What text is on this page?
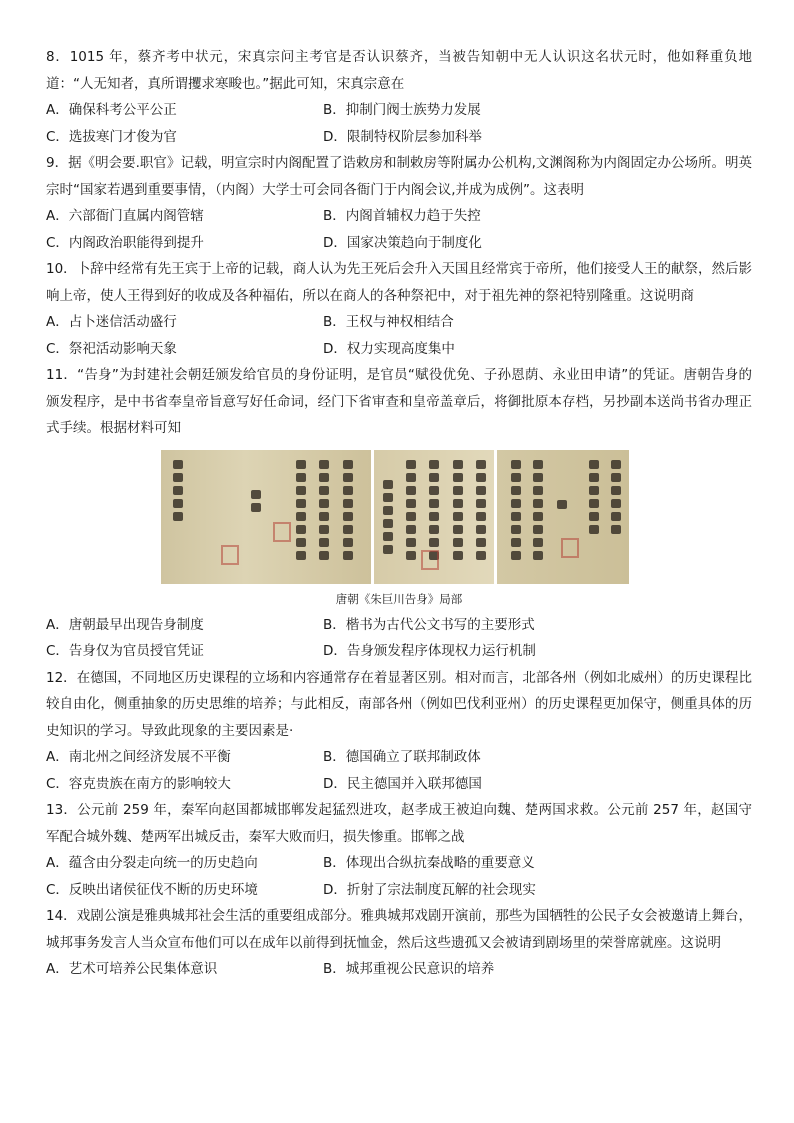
8．1015 年，蔡齐考中状元，宋真宗问主考官是否认识蔡齐，当被告知朝中无人认识这名状元时，他如释重负地道：“人无知者，真所谓攫求寒畯也。”据此可知，宋真宗意在

A．确保科考公平公正	B．抑制门阀士族势力发展
C．选拔寒门才俊为官	D．限制特权阶层参加科举

9．据《明会要.职官》记载，明宣宗时内阁配置了诰敕房和制敕房等附属办公机构,文渊阁称为内阁固定办公场所。明英宗时“国家若遇到重要事情，（内阁）大学士可会同各衙门于内阁会议,并成为成例”。这表明

A．六部衙门直属内阁管辖	B．内阁首辅权力趋于失控
C．内阁政治职能得到提升	D．国家决策趋向于制度化

10．卜辞中经常有先王宾于上帝的记载，商人认为先王死后会升入天国且经常宾于帝所，他们接受人王的献祭，然后影响上帝，使人王得到好的收成及各种福佑，所以在商人的各种祭祀中，对于祖先神的祭祀特别隆重。这说明商

A．占卜迷信活动盛行	B．王权与神权相结合
C．祭祀活动影响天象	D．权力实现高度集中

11．“告身”为封建社会朝廷颁发给官员的身份证明，是官员“赋役优免、子孙恩荫、永业田申请”的凭证。唐朝告身的颁发程序，是中书省奉皇帝旨意写好任命词，经门下省审查和皇帝盖章后，将御批原本存档，另抄副本送尚书省办理正式手续。根据材料可知

唐朝《朱巨川告身》局部

A．唐朝最早出现告身制度	B．楷书为古代公文书写的主要形式
C．告身仅为官员授官凭证	D．告身颁发程序体现权力运行机制

12．在德国，不同地区历史课程的立场和内容通常存在着显著区别。相对而言，北部各州（例如北威州）的历史课程比较自由化，侧重抽象的历史思维的培养；与此相反，南部各州（例如巴伐利亚州）的历史课程更加保守，侧重具体的历史知识的学习。导致此现象的主要因素是·

A．南北州之间经济发展不平衡	B．德国确立了联邦制政体
C．容克贵族在南方的影响较大	D．民主德国并入联邦德国

13．公元前 259 年，秦军向赵国都城邯郸发起猛烈进攻，赵孝成王被迫向魏、楚两国求救。公元前 257 年，赵国守军配合城外魏、楚两军出城反击，秦军大败而归，损失惨重。邯郸之战

A．蕴含由分裂走向统一的历史趋向	B．体现出合纵抗秦战略的重要意义
C．反映出诸侯征伐不断的历史环境	D．折射了宗法制度瓦解的社会现实

14．戏剧公演是雅典城邦社会生活的重要组成部分。雅典城邦戏剧开演前，那些为国牺牲的公民子女会被邀请上舞台，城邦事务发言人当众宣布他们可以在成年以前得到抚恤金，然后这些遗孤又会被请到剧场里的荣誉席就座。这说明

A．艺术可培养公民集体意识	B．城邦重视公民意识的培养
